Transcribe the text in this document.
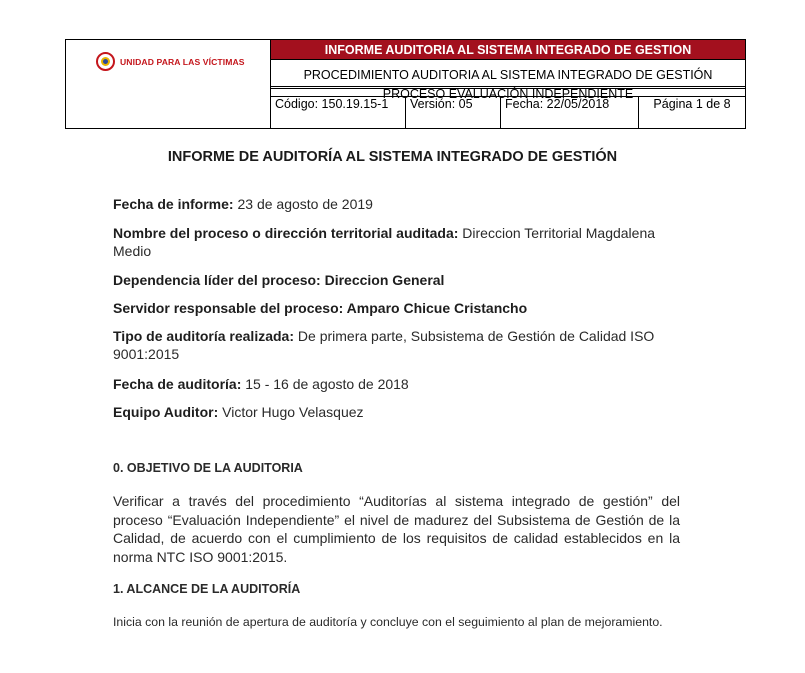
UNIDAD PARA LAS VÍCTIMAS
INFORME AUDITORIA AL SISTEMA INTEGRADO DE GESTION
PROCEDIMIENTO AUDITORIA AL SISTEMA INTEGRADO DE GESTIÓN
PROCESO EVALUACIÓN INDEPENDIENTE
Código: 150.19.15-1	Versión: 05	Fecha: 22/05/2018	Página 1 de 8
INFORME DE AUDITORÍA AL SISTEMA INTEGRADO DE GESTIÓN
Fecha de informe: 23 de agosto de 2019
Nombre del proceso o dirección territorial auditada: Direccion Territorial Magdalena Medio
Dependencia líder del proceso: Direccion General
Servidor responsable del proceso: Amparo Chicue Cristancho
Tipo de auditoría realizada: De primera parte, Subsistema de Gestión de Calidad ISO 9001:2015
Fecha de auditoría: 15 - 16 de agosto de 2018
Equipo Auditor: Victor Hugo Velasquez
0. OBJETIVO DE LA AUDITORIA
Verificar a través del procedimiento “Auditorías al sistema integrado de gestión” del proceso “Evaluación Independiente” el nivel de madurez del Subsistema de Gestión de la Calidad, de acuerdo con el cumplimiento de los requisitos de calidad establecidos en la norma NTC ISO 9001:2015.
1. ALCANCE DE LA AUDITORÍA
Inicia con la reunión de apertura de auditoría y concluye con el seguimiento al plan de mejoramiento.
